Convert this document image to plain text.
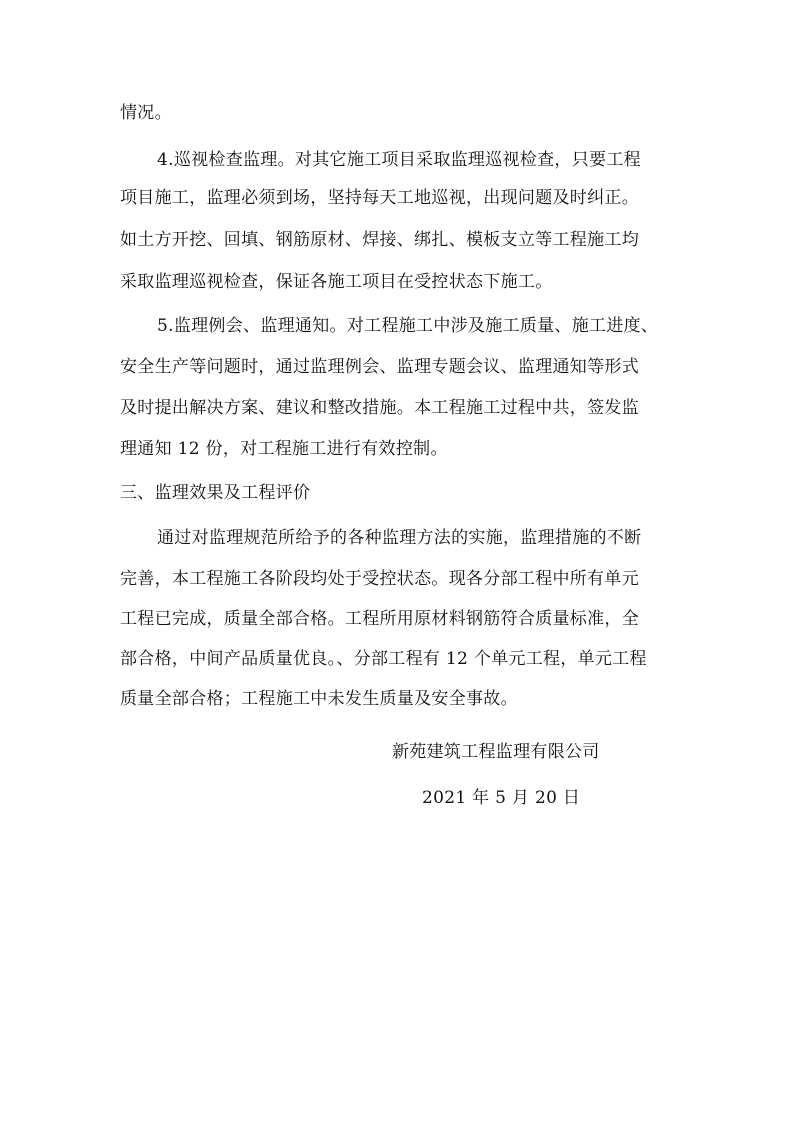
情况。
4.巡视检查监理。对其它施工项目采取监理巡视检查，只要工程
项目施工，监理必须到场，坚持每天工地巡视，出现问题及时纠正。
如土方开挖、回填、钢筋原材、焊接、绑扎、模板支立等工程施工均
采取监理巡视检查，保证各施工项目在受控状态下施工。
5.监理例会、监理通知。对工程施工中涉及施工质量、施工进度、
安全生产等问题时，通过监理例会、监理专题会议、监理通知等形式
及时提出解决方案、建议和整改措施。本工程施工过程中共，签发监
理通知 12 份，对工程施工进行有效控制。
三、监理效果及工程评价
通过对监理规范所给予的各种监理方法的实施，监理措施的不断
完善，本工程施工各阶段均处于受控状态。现各分部工程中所有单元
工程已完成，质量全部合格。工程所用原材料钢筋符合质量标准，全
部合格，中间产品质量优良。、分部工程有 12 个单元工程，单元工程
质量全部合格；工程施工中未发生质量及安全事故。
新苑建筑工程监理有限公司
2021 年 5 月 20 日
